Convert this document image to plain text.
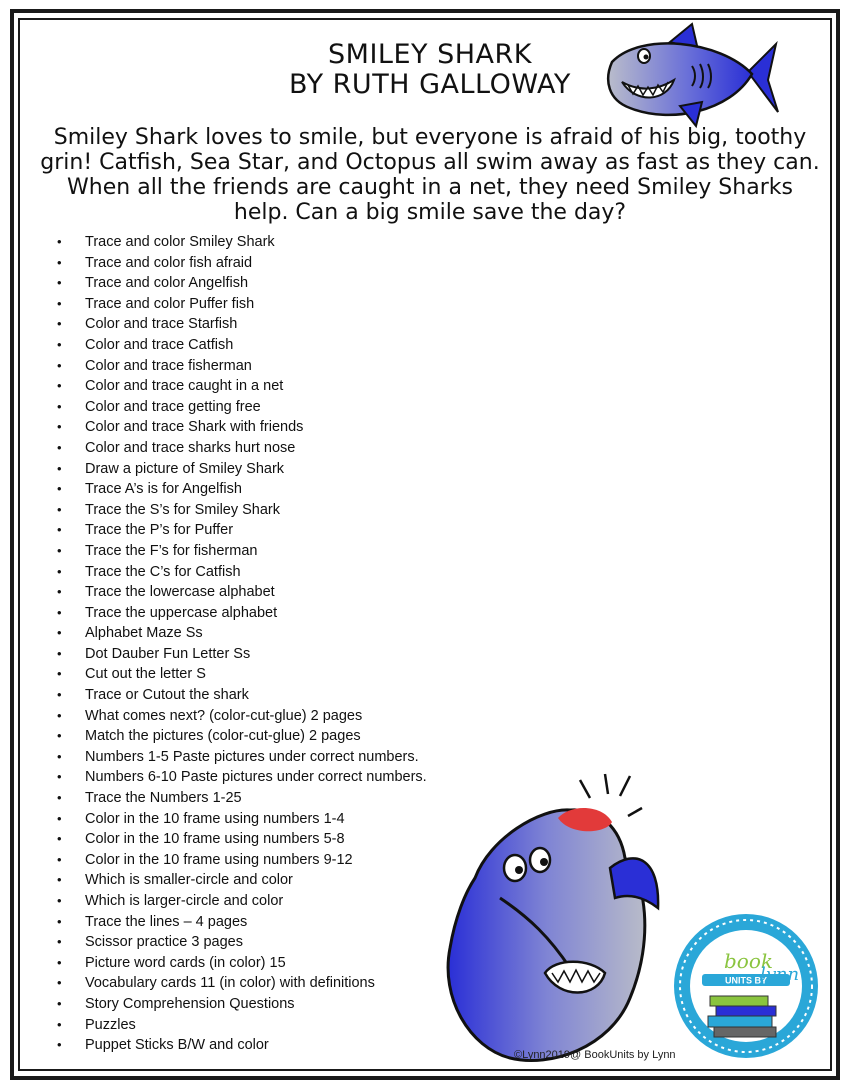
SMILEY SHARK
BY RUTH GALLOWAY
Smiley Shark loves to smile, but everyone is afraid of his big, toothy grin! Catfish, Sea Star, and Octopus all swim away as fast as they can. When all the friends are caught in a net, they need Smiley Sharks help. Can a big smile save the day?
• Trace and color Smiley Shark
• Trace and color fish afraid
• Trace and color Angelfish
• Trace and color Puffer fish
• Color and trace Starfish
• Color and trace Catfish
• Color and trace fisherman
• Color and trace caught in a net
• Color and trace getting free
• Color and trace Shark with friends
• Color and trace sharks hurt nose
• Draw a picture of Smiley Shark
• Trace A’s is for Angelfish
• Trace the S’s for Smiley Shark
• Trace the P’s for Puffer
• Trace the F’s for fisherman
• Trace the C’s for Catfish
• Trace the lowercase alphabet
• Trace the uppercase alphabet
• Alphabet Maze Ss
• Dot Dauber Fun Letter Ss
• Cut out the letter S
• Trace or Cutout the shark
• What comes next? (color-cut-glue) 2 pages
• Match the pictures (color-cut-glue) 2 pages
• Numbers 1-5 Paste pictures under correct numbers.
• Numbers 6-10 Paste pictures under correct numbers.
• Trace the Numbers 1-25
• Color in the 10 frame using numbers 1-4
• Color in the 10 frame using numbers 5-8
• Color in the 10 frame using numbers 9-12
• Which is smaller-circle and color
• Which is larger-circle and color
• Trace the lines – 4 pages
• Scissor practice 3 pages
• Picture word cards (in color) 15
• Vocabulary cards 11 (in color) with definitions
• Story Comprehension Questions
• Puzzles
• Puppet Sticks B/W and color
book
UNITS BY
lynn
©Lynn2019@ BookUnits by Lynn
